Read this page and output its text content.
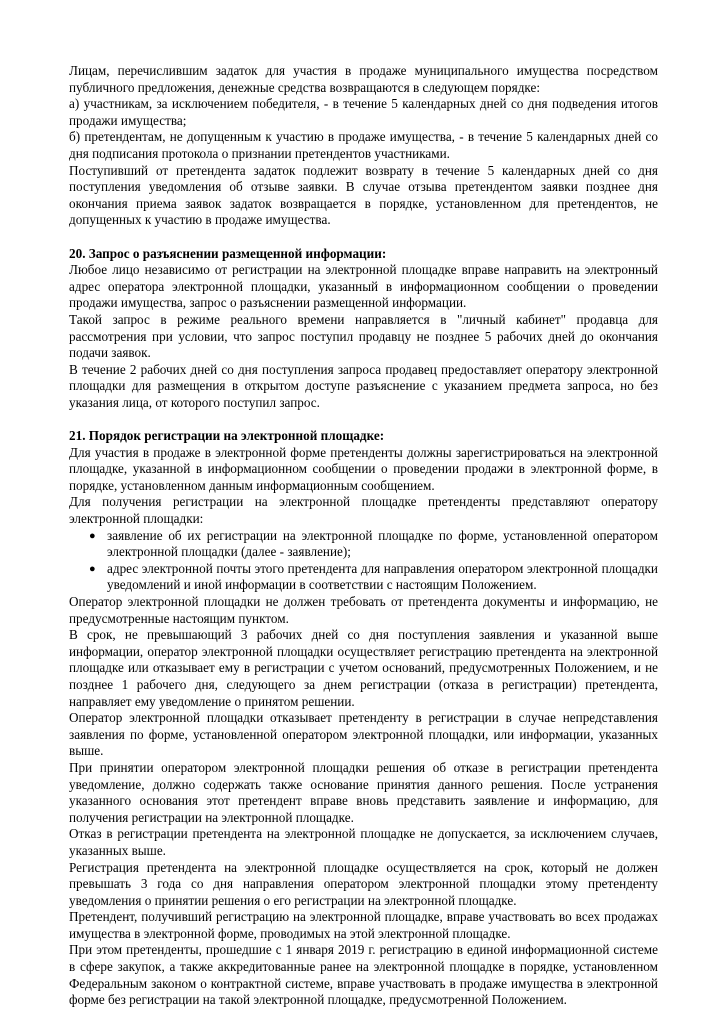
Лицам, перечислившим задаток для участия в продаже муниципального имущества посредством публичного предложения, денежные средства возвращаются в следующем порядке:

а) участникам, за исключением победителя, - в течение 5 календарных дней со дня подведения итогов продажи имущества;

б) претендентам, не допущенным к участию в продаже имущества, - в течение 5 календарных дней со дня подписания протокола о признании претендентов участниками.

Поступивший от претендента задаток подлежит возврату в течение 5 календарных дней со дня поступления уведомления об отзыве заявки. В случае отзыва претендентом заявки позднее дня окончания приема заявок задаток возвращается в порядке, установленном для претендентов, не допущенных к участию в продаже имущества.

20. Запрос о разъяснении размещенной информации:

Любое лицо независимо от регистрации на электронной площадке вправе направить на электронный адрес оператора электронной площадки, указанный в информационном сообщении о проведении продажи имущества, запрос о разъяснении размещенной информации.

Такой запрос в режиме реального времени направляется в "личный кабинет" продавца для рассмотрения при условии, что запрос поступил продавцу не позднее 5 рабочих дней до окончания подачи заявок.

В течение 2 рабочих дней со дня поступления запроса продавец предоставляет оператору электронной площадки для размещения в открытом доступе разъяснение с указанием предмета запроса, но без указания лица, от которого поступил запрос.

21. Порядок регистрации на электронной площадке:

Для участия в продаже в электронной форме претенденты должны зарегистрироваться на электронной площадке, указанной в информационном сообщении о проведении продажи в электронной форме, в порядке, установленном данным информационным сообщением.

Для получения регистрации на электронной площадке претенденты представляют оператору электронной площадки:

● заявление об их регистрации на электронной площадке по форме, установленной оператором электронной площадки (далее - заявление);
● адрес электронной почты этого претендента для направления оператором электронной площадки уведомлений и иной информации в соответствии с настоящим Положением.

Оператор электронной площадки не должен требовать от претендента документы и информацию, не предусмотренные настоящим пунктом.

В срок, не превышающий 3 рабочих дней со дня поступления заявления и указанной выше информации, оператор электронной площадки осуществляет регистрацию претендента на электронной площадке или отказывает ему в регистрации с учетом оснований, предусмотренных Положением, и не позднее 1 рабочего дня, следующего за днем регистрации (отказа в регистрации) претендента, направляет ему уведомление о принятом решении.

Оператор электронной площадки отказывает претенденту в регистрации в случае непредставления заявления по форме, установленной оператором электронной площадки, или информации, указанных выше.

При принятии оператором электронной площадки решения об отказе в регистрации претендента уведомление, должно содержать также основание принятия данного решения. После устранения указанного основания этот претендент вправе вновь представить заявление и информацию, для получения регистрации на электронной площадке.

Отказ в регистрации претендента на электронной площадке не допускается, за исключением случаев, указанных выше.

Регистрация претендента на электронной площадке осуществляется на срок, который не должен превышать 3 года со дня направления оператором электронной площадки этому претенденту уведомления о принятии решения о его регистрации на электронной площадке.

Претендент, получивший регистрацию на электронной площадке, вправе участвовать во всех продажах имущества в электронной форме, проводимых на этой электронной площадке.

При этом претенденты, прошедшие с 1 января 2019 г. регистрацию в единой информационной системе в сфере закупок, а также аккредитованные ранее на электронной площадке в порядке, установленном Федеральным законом о контрактной системе, вправе участвовать в продаже имущества в электронной форме без регистрации на такой электронной площадке, предусмотренной Положением.
